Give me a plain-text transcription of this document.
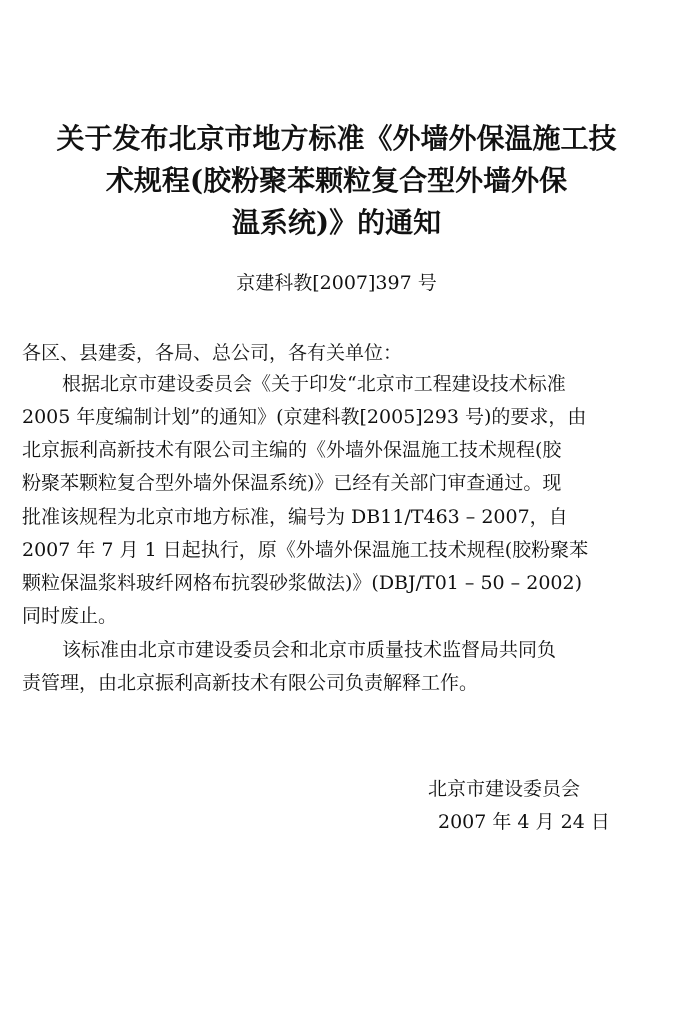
关于发布北京市地方标准《外墙外保温施工技
术规程(胶粉聚苯颗粒复合型外墙外保
温系统)》的通知
京建科教[2007]397 号
各区、县建委，各局、总公司，各有关单位：
根据北京市建设委员会《关于印发“北京市工程建设技术标准
2005 年度编制计划”的通知》(京建科教[2005]293 号)的要求，由
北京振利高新技术有限公司主编的《外墙外保温施工技术规程(胶
粉聚苯颗粒复合型外墙外保温系统)》已经有关部门审查通过。现
批准该规程为北京市地方标准，编号为 DB11/T463 – 2007，自
2007 年 7 月 1 日起执行，原《外墙外保温施工技术规程(胶粉聚苯
颗粒保温浆料玻纤网格布抗裂砂浆做法)》(DBJ/T01 – 50 – 2002)
同时废止。
该标准由北京市建设委员会和北京市质量技术监督局共同负
责管理，由北京振利高新技术有限公司负责解释工作。
北京市建设委员会
2007 年 4 月 24 日
